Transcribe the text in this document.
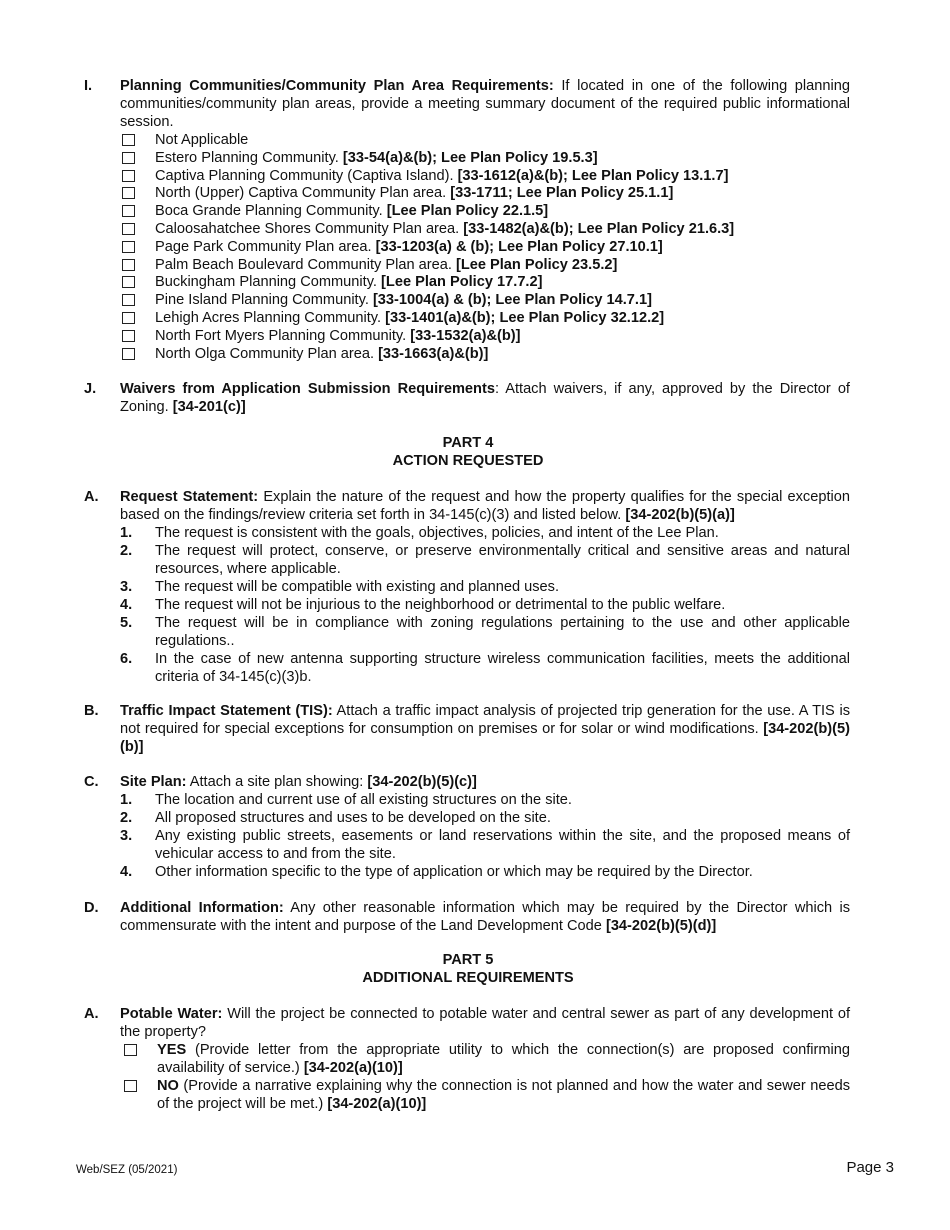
I. Planning Communities/Community Plan Area Requirements: If located in one of the following planning communities/community plan areas, provide a meeting summary document of the required public informational session.
Not Applicable
Estero Planning Community. [33-54(a)&(b); Lee Plan Policy 19.5.3]
Captiva Planning Community (Captiva Island). [33-1612(a)&(b); Lee Plan Policy 13.1.7]
North (Upper) Captiva Community Plan area. [33-1711; Lee Plan Policy 25.1.1]
Boca Grande Planning Community. [Lee Plan Policy 22.1.5]
Caloosahatchee Shores Community Plan area. [33-1482(a)&(b); Lee Plan Policy 21.6.3]
Page Park Community Plan area. [33-1203(a) & (b); Lee Plan Policy 27.10.1]
Palm Beach Boulevard Community Plan area. [Lee Plan Policy 23.5.2]
Buckingham Planning Community. [Lee Plan Policy 17.7.2]
Pine Island Planning Community. [33-1004(a) & (b); Lee Plan Policy 14.7.1]
Lehigh Acres Planning Community. [33-1401(a)&(b); Lee Plan Policy 32.12.2]
North Fort Myers Planning Community. [33-1532(a)&(b)]
North Olga Community Plan area. [33-1663(a)&(b)]
J. Waivers from Application Submission Requirements: Attach waivers, if any, approved by the Director of Zoning. [34-201(c)]
PART 4
ACTION REQUESTED
A. Request Statement: Explain the nature of the request and how the property qualifies for the special exception based on the findings/review criteria set forth in 34-145(c)(3) and listed below. [34-202(b)(5)(a)]
1. The request is consistent with the goals, objectives, policies, and intent of the Lee Plan.
2. The request will protect, conserve, or preserve environmentally critical and sensitive areas and natural resources, where applicable.
3. The request will be compatible with existing and planned uses.
4. The request will not be injurious to the neighborhood or detrimental to the public welfare.
5. The request will be in compliance with zoning regulations pertaining to the use and other applicable regulations..
6. In the case of new antenna supporting structure wireless communication facilities, meets the additional criteria of 34-145(c)(3)b.
B. Traffic Impact Statement (TIS): Attach a traffic impact analysis of projected trip generation for the use. A TIS is not required for special exceptions for consumption on premises or for solar or wind modifications. [34-202(b)(5)(b)]
C. Site Plan: Attach a site plan showing: [34-202(b)(5)(c)]
1. The location and current use of all existing structures on the site.
2. All proposed structures and uses to be developed on the site.
3. Any existing public streets, easements or land reservations within the site, and the proposed means of vehicular access to and from the site.
4. Other information specific to the type of application or which may be required by the Director.
D. Additional Information: Any other reasonable information which may be required by the Director which is commensurate with the intent and purpose of the Land Development Code [34-202(b)(5)(d)]
PART 5
ADDITIONAL REQUIREMENTS
A. Potable Water: Will the project be connected to potable water and central sewer as part of any development of the property?
YES (Provide letter from the appropriate utility to which the connection(s) are proposed confirming availability of service.) [34-202(a)(10)]
NO (Provide a narrative explaining why the connection is not planned and how the water and sewer needs of the project will be met.) [34-202(a)(10)]
Web/SEZ (05/2021)	Page 3
